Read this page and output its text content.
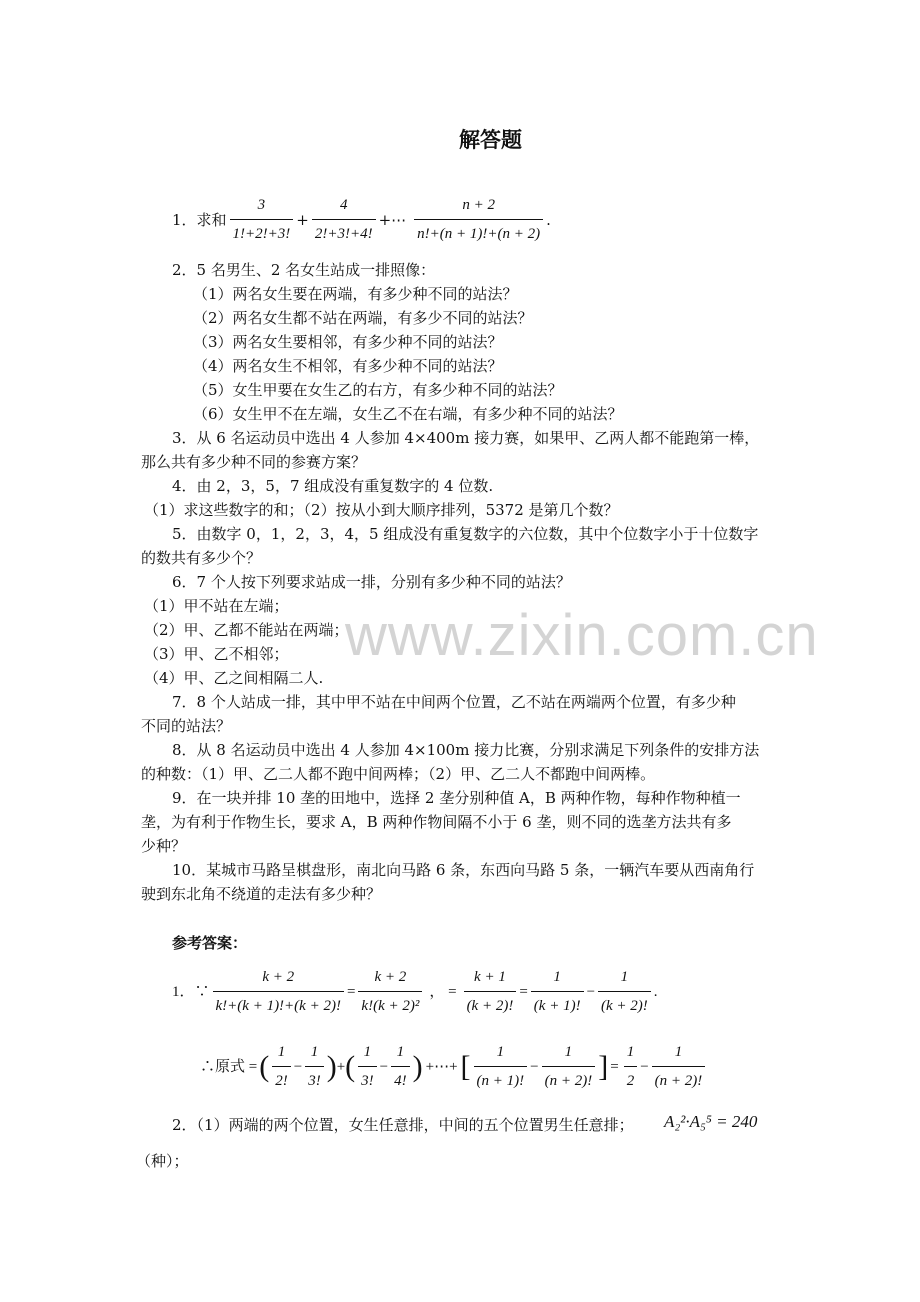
解答题
www.zixin.com.cn
1．求和 $\frac{3}{1!+2!+3!} + \frac{4}{2!+3!+4!}$ +⋯ $\frac{n + 2}{n!+(n + 1)!+(n + 2)}$ .
2．5 名男生、2 名女生站成一排照像：
（1）两名女生要在两端，有多少种不同的站法？
（2）两名女生都不站在两端，有多少不同的站法？
（3）两名女生要相邻，有多少种不同的站法？
（4）两名女生不相邻，有多少种不同的站法？
（5）女生甲要在女生乙的右方，有多少种不同的站法？
（6）女生甲不在左端，女生乙不在右端，有多少种不同的站法？
3．从 6 名运动员中选出 4 人参加 4×400m 接力赛，如果甲、乙两人都不能跑第一棒，
那么共有多少种不同的参赛方案？
4．由 2，3，5，7 组成没有重复数字的 4 位数.
（1）求这些数字的和；（2）按从小到大顺序排列，5372 是第几个数？
5．由数字 0，1，2，3，4，5 组成没有重复数字的六位数，其中个位数字小于十位数字
的数共有多少个？
6．7 个人按下列要求站成一排，分别有多少种不同的站法？
（1）甲不站在左端；
（2）甲、乙都不能站在两端；
（3）甲、乙不相邻；
（4）甲、乙之间相隔二人.
7．8 个人站成一排，其中甲不站在中间两个位置，乙不站在两端两个位置，有多少种
不同的站法？
8．从 8 名运动员中选出 4 人参加 4×100m 接力比赛，分别求满足下列条件的安排方法
的种数：（1）甲、乙二人都不跑中间两棒；（2）甲、乙二人不都跑中间两棒。
9．在一块并排 10 垄的田地中，选择 2 垄分别种值 A，B 两种作物，每种作物种植一
垄，为有利于作物生长，要求 A，B 两种作物间隔不小于 6 垄，则不同的选垄方法共有多
少种？
10．某城市马路呈棋盘形，南北向马路 6 条，东西向马路 5 条，一辆汽车要从西南角行
驶到东北角不绕道的走法有多少种？
参考答案：
1．∵ $\frac{k + 2}{k!+(k + 1)!+(k + 2)!} = \frac{k + 2}{\text{k!(k + 2)²}}$ ， = $\frac{k + 1}{(k + 2)!} = \frac{1}{(k + 1)!} - \frac{1}{(k + 2)!}$ .
∴原式 = ( $\frac{1}{2!} - \frac{1}{3!}$ ) + ( $\frac{1}{3!} - \frac{1}{4!}$ ) +⋯+ [ $\frac{1}{(n + 1)!} - \frac{1}{(n + 2)!}$ ] = $\frac{1}{2} - \frac{1}{(n + 2)!}$
2．（1）两端的两个位置，女生任意排，中间的五个位置男生任意排； A₂²·A₅⁵ = 240
（种）；
